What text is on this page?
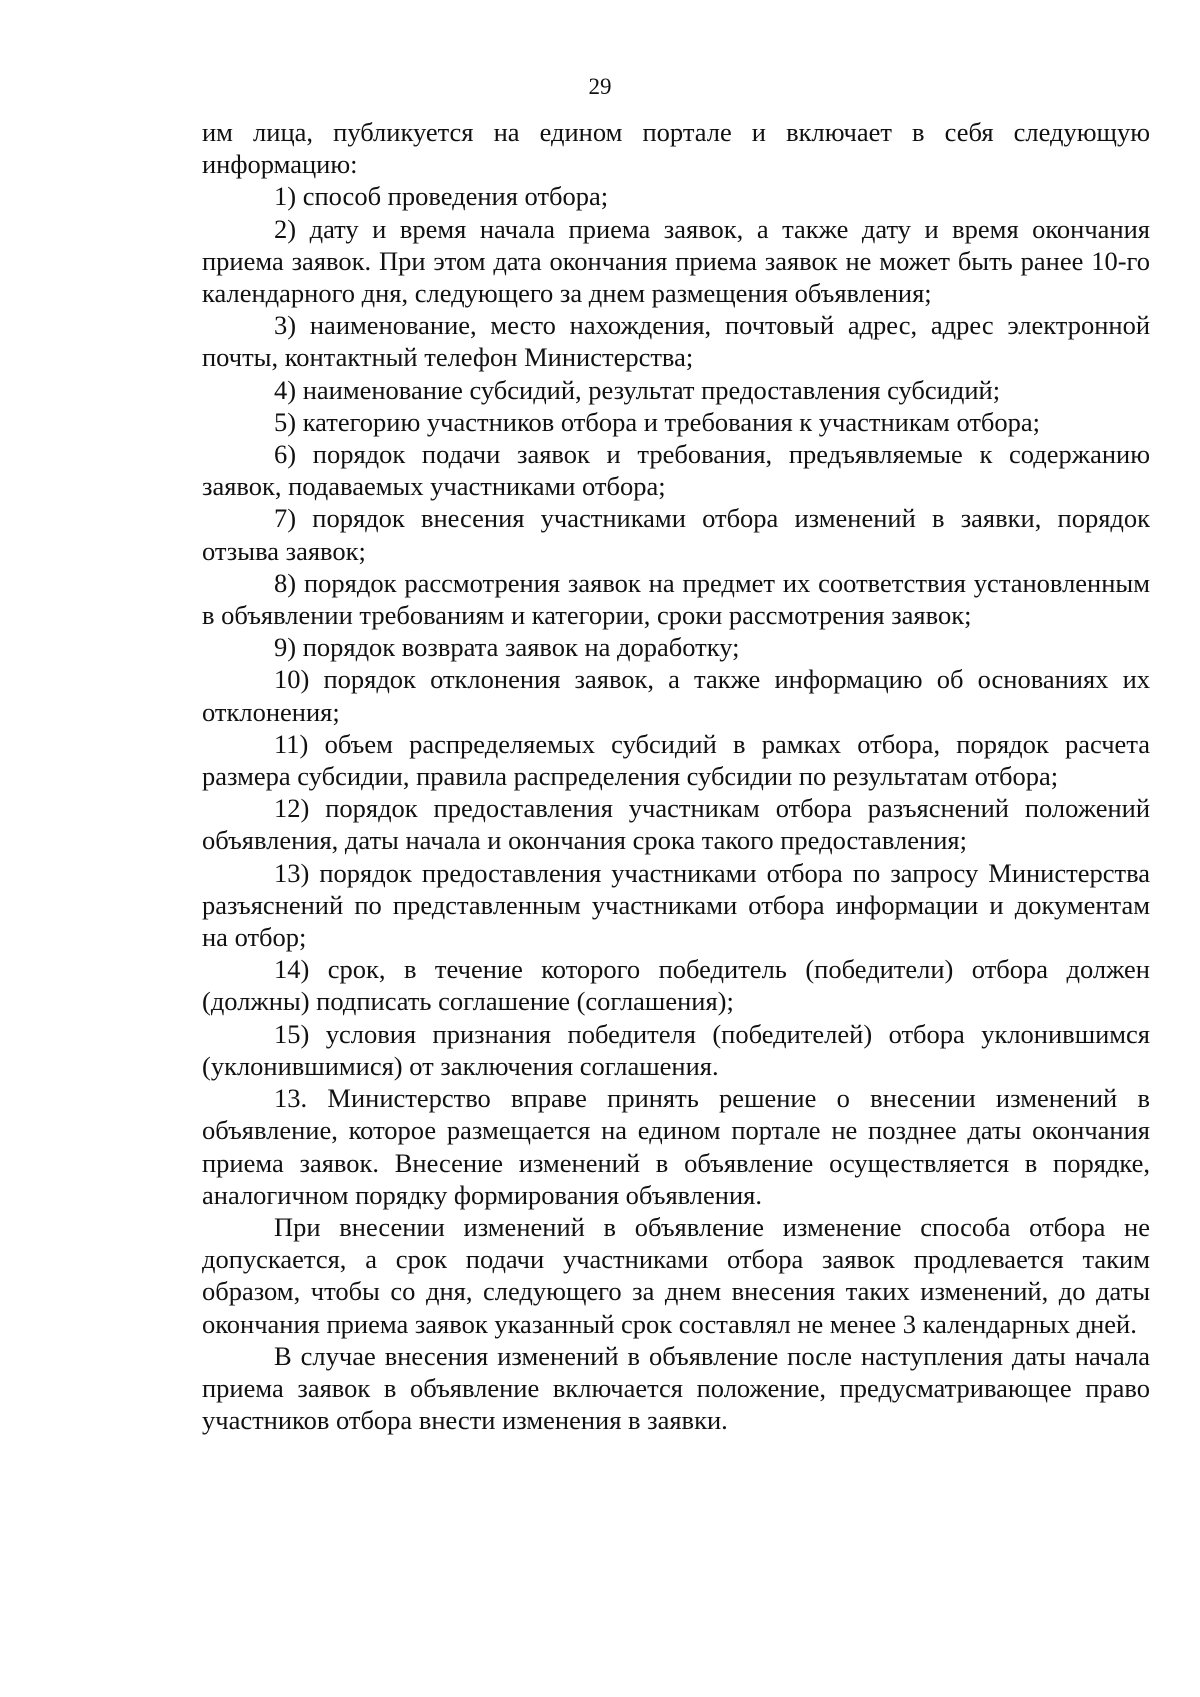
29

им лица, публикуется на едином портале и включает в себя следующую информацию:

1) способ проведения отбора;

2) дату и время начала приема заявок, а также дату и время окончания приема заявок. При этом дата окончания приема заявок не может быть ранее 10-го календарного дня, следующего за днем размещения объявления;

3) наименование, место нахождения, почтовый адрес, адрес электронной почты, контактный телефон Министерства;

4) наименование субсидий, результат предоставления субсидий;

5) категорию участников отбора и требования к участникам отбора;

6) порядок подачи заявок и требования, предъявляемые к содержанию заявок, подаваемых участниками отбора;

7) порядок внесения участниками отбора изменений в заявки, порядок отзыва заявок;

8) порядок рассмотрения заявок на предмет их соответствия установленным в объявлении требованиям и категории, сроки рассмотрения заявок;

9) порядок возврата заявок на доработку;

10) порядок отклонения заявок, а также информацию об основаниях их отклонения;

11) объем распределяемых субсидий в рамках отбора, порядок расчета размера субсидии, правила распределения субсидии по результатам отбора;

12) порядок предоставления участникам отбора разъяснений положений объявления, даты начала и окончания срока такого предоставления;

13) порядок предоставления участниками отбора по запросу Министерства разъяснений по представленным участниками отбора информации и документам на отбор;

14) срок, в течение которого победитель (победители) отбора должен (должны) подписать соглашение (соглашения);

15) условия признания победителя (победителей) отбора уклонившимся (уклонившимися) от заключения соглашения.

13. Министерство вправе принять решение о внесении изменений в объявление, которое размещается на едином портале не позднее даты окончания приема заявок. Внесение изменений в объявление осуществляется в порядке, аналогичном порядку формирования объявления.

При внесении изменений в объявление изменение способа отбора не допускается, а срок подачи участниками отбора заявок продлевается таким образом, чтобы со дня, следующего за днем внесения таких изменений, до даты окончания приема заявок указанный срок составлял не менее 3 календарных дней.

В случае внесения изменений в объявление после наступления даты начала приема заявок в объявление включается положение, предусматривающее право участников отбора внести изменения в заявки.
